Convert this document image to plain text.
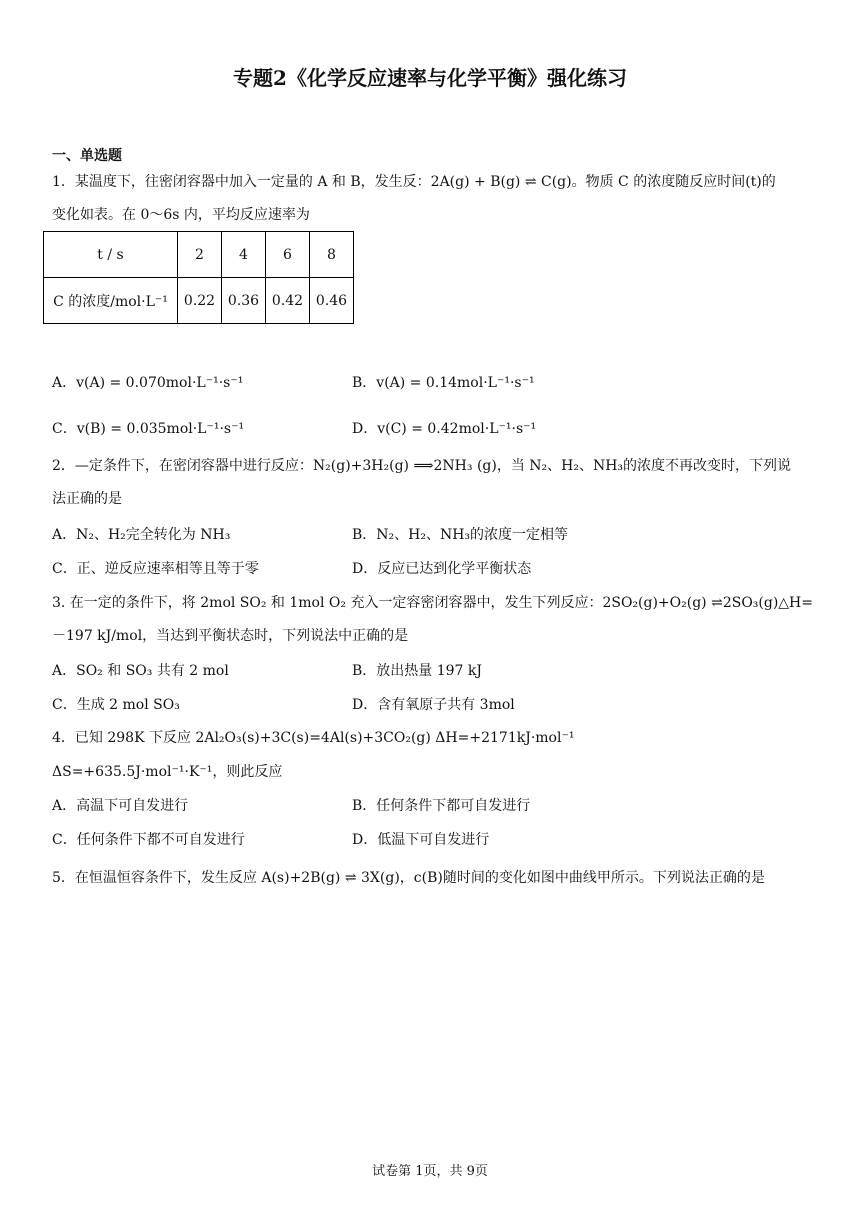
专题2《化学反应速率与化学平衡》强化练习
一、单选题
1．某温度下，往密闭容器中加入一定量的 A 和 B，发生反：2A(g) + B(g) ⇌ C(g)。物质 C 的浓度随反应时间(t)的
变化如表。在 0～6s 内，平均反应速率为
t / s	2	4	6	8
C 的浓度/mol·L⁻¹	0.22	0.36	0.42	0.46
A．v(A) = 0.070mol·L⁻¹·s⁻¹	B．v(A) = 0.14mol·L⁻¹·s⁻¹
C．v(B) = 0.035mol·L⁻¹·s⁻¹	D．v(C) = 0.42mol·L⁻¹·s⁻¹
2．—定条件下，在密闭容器中进行反应：N₂(g)+3H₂(g) ⟹2NH₃ (g)，当 N₂、H₂、NH₃的浓度不再改变时，下列说
法正确的是
A．N₂、H₂完全转化为 NH₃	B．N₂、H₂、NH₃的浓度一定相等
C．正、逆反应速率相等且等于零	D．反应已达到化学平衡状态
3. 在一定的条件下，将 2mol SO₂ 和 1mol O₂ 充入一定容密闭容器中，发生下列反应：2SO₂(g)+O₂(g) ⇌2SO₃(g)△H=
－197 kJ/mol，当达到平衡状态时，下列说法中正确的是
A．SO₂ 和 SO₃ 共有 2 mol	B．放出热量 197 kJ
C．生成 2 mol SO₃	D．含有氧原子共有 3mol
4．已知 298K 下反应 2Al₂O₃(s)+3C(s)=4Al(s)+3CO₂(g) ΔH=+2171kJ·mol⁻¹
ΔS=+635.5J·mol⁻¹·K⁻¹，则此反应
A．高温下可自发进行	B．任何条件下都可自发进行
C．任何条件下都不可自发进行	D．低温下可自发进行
5．在恒温恒容条件下，发生反应 A(s)+2B(g) ⇌ 3X(g)，c(B)随时间的变化如图中曲线甲所示。下列说法正确的是
试卷第 1页，共 9页
